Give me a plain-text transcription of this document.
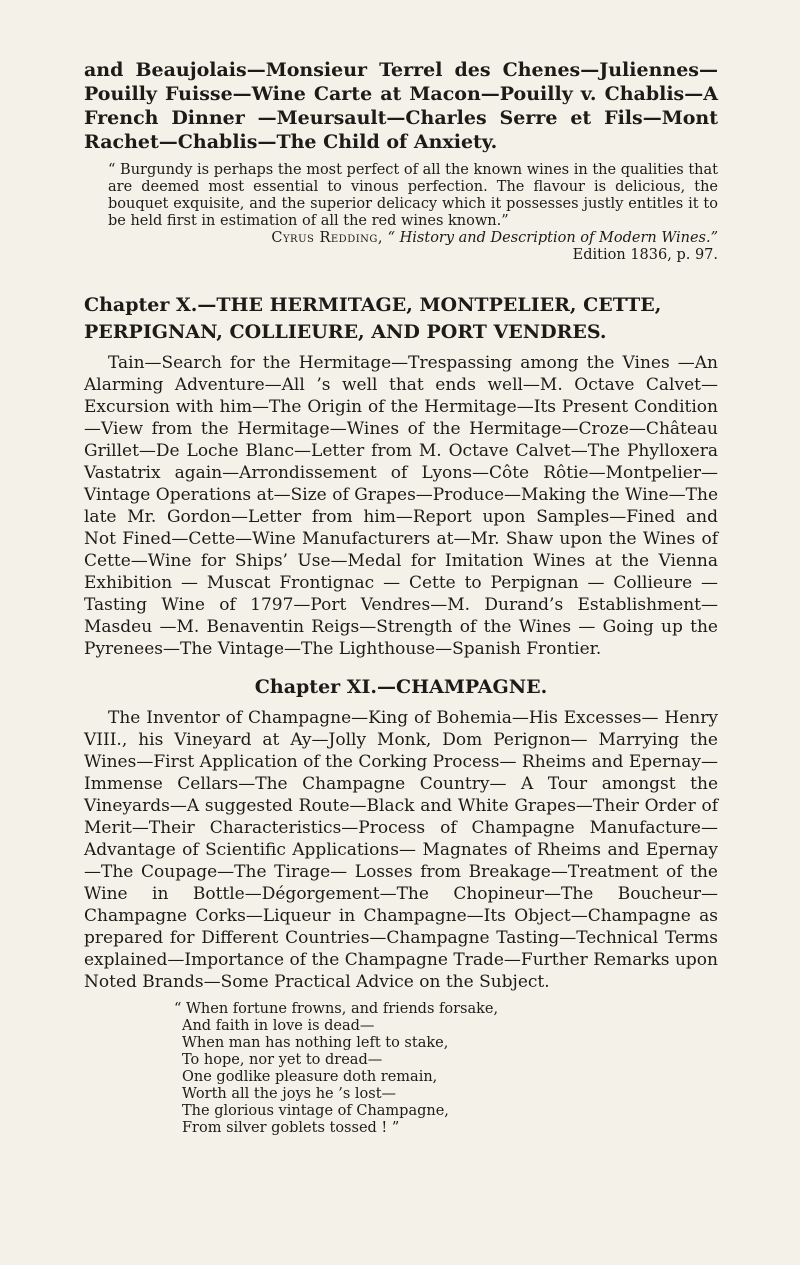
and Beaujolais—Monsieur Terrel des Chenes—Juliennes—Pouilly Fuisse—Wine Carte at Macon—Pouilly v. Chablis—A French Dinner —Meursault—Charles Serre et Fils—Mont Rachet—Chablis—The Child of Anxiety.

“ Burgundy is perhaps the most perfect of all the known wines in the qualities that are deemed most essential to vinous perfection. The flavour is delicious, the bouquet exquisite, and the superior delicacy which it possesses justly entitles it to be held first in estimation of all the red wines known.”

Cyrus Redding, “ History and Description of Modern Wines.”

Edition 1836, p. 97.

Chapter X.—THE HERMITAGE, MONTPELIER, CETTE, PERPIGNAN, COLLIEURE, AND PORT VENDRES.

Tain—Search for the Hermitage—Trespassing among the Vines —An Alarming Adventure—All ’s well that ends well—M. Octave Calvet—Excursion with him—The Origin of the Hermitage—Its Present Condition—View from the Hermitage—Wines of the Hermitage—Croze—Château Grillet—De Loche Blanc—Letter from M. Octave Calvet—The Phylloxera Vastatrix again—Arrondissement of Lyons—Côte Rôtie—Montpelier—Vintage Operations at—Size of Grapes—Produce—Making the Wine—The late Mr. Gordon—Letter from him—Report upon Samples—Fined and Not Fined—Cette—Wine Manufacturers at—Mr. Shaw upon the Wines of Cette—Wine for Ships’ Use—Medal for Imitation Wines at the Vienna Exhibition — Muscat Frontignac — Cette to Perpignan — Collieure — Tasting Wine of 1797—Port Vendres—M. Durand’s Establishment—Masdeu —M. Benaventin Reigs—Strength of the Wines — Going up the Pyrenees—The Vintage—The Lighthouse—Spanish Frontier.

Chapter XI.—CHAMPAGNE.

The Inventor of Champagne—King of Bohemia—His Excesses— Henry VIII., his Vineyard at Ay—Jolly Monk, Dom Perignon— Marrying the Wines—First Application of the Corking Process— Rheims and Epernay—Immense Cellars—The Champagne Country— A Tour amongst the Vineyards—A suggested Route—Black and White Grapes—Their Order of Merit—Their Characteristics—Process of Champagne Manufacture—Advantage of Scientific Applications— Magnates of Rheims and Epernay—The Coupage—The Tirage— Losses from Breakage—Treatment of the Wine in Bottle—Dégorgement—The Chopineur—The Boucheur—Champagne Corks—Liqueur in Champagne—Its Object—Champagne as prepared for Different Countries—Champagne Tasting—Technical Terms explained—Importance of the Champagne Trade—Further Remarks upon Noted Brands—Some Practical Advice on the Subject.

“ When fortune frowns, and friends forsake,
And faith in love is dead—
When man has nothing left to stake,
To hope, nor yet to dread—
One godlike pleasure doth remain,
Worth all the joys he ’s lost—
The glorious vintage of Champagne,
From silver goblets tossed ! ”
